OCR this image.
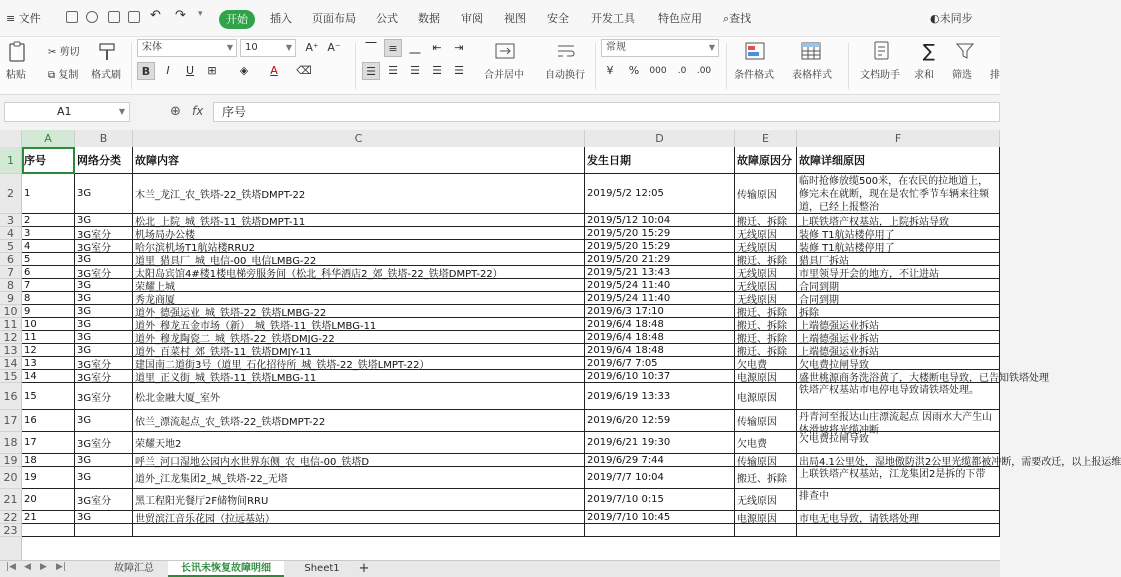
≡ 文件	↶ ↷ ▾	开始	插入 页面布局 公式 数据 审阅 视图 安全 开发工具 特色应用 ⌕查找	◐未同步
粘贴
✂ 剪切
⧉ 复制 格式刷
宋体	▼	10	▼ A⁺ A⁻
B	I	U	⊞	◈	A	⌫
⎺	≡	⎽	⇤	⇥
☰	☰	☰	☰	☰	合并居中 自动换行
常规	▼
¥	%	000	.0	.00 条件格式 表格样式	文档助手
∑
求和 筛选 排
A1	▼	⊕ fx	序号
A	B	C	D	E	F
1
2
3
4
5
6
7
8
9
10
11
12
13
14
15
16
17
18
19
20
21
22
23
序号	网络分类	故障内容	发生日期	故障原因分 故障详细原因
1	3G	木兰_龙江_农_铁塔-22_铁塔DMPT-22	2019/5/2 12:05	传输原因
临时抢修放缆500米，在农民的拉地道上，修完未在就断，现在是农忙季节车辆来往频道，已经上报整治
2	3G	松北_上院_城_铁塔-11_铁塔DMPT-11	2019/5/12 10:04	搬迁、拆除	上联铁塔产权基站，上院拆站导致
3	3G室分	机场局办公楼	2019/5/20 15:29	无线原因	装修 T1航站楼停用了
4	3G室分	哈尔滨机场T1航站楼RRU2	2019/5/20 15:29	无线原因	装修 T1航站楼停用了
5	3G	道里_猎具厂_城_电信-00_电信LMBG-22	2019/5/20 21:29	搬迁、拆除	猎具厂拆站
6	3G室分	太阳岛宾馆4#楼1楼电梯旁服务间（松北_科华酒店2_郊_铁塔-22_铁塔DMPT-22）	2019/5/21 13:43	无线原因	市里领导开会的地方，不让进站
7	3G	荣耀上城	2019/5/24 11:40	无线原因	合同到期
8	3G	秀龙商厦	2019/5/24 11:40	无线原因	合同到期
9	3G	道外_德强运业_城_铁塔-22_铁塔LMBG-22	2019/6/3 17:10	搬迁、拆除	拆除
10	3G	道外_穆龙五金市场（新）_城_铁塔-11_铁塔LMBG-11	2019/6/4 18:48	搬迁、拆除	上端德强运业拆站
11	3G	道外_穆龙陶瓷二_城_铁塔-22_铁塔DMJG-22	2019/6/4 18:48	搬迁、拆除	上端德强运业拆站
12	3G	道外_百菜村_郊_铁塔-11_铁塔DMJY-11	2019/6/4 18:48	搬迁、拆除	上端德强运业拆站
13	3G室分	建国南二道街3号（道里_石化招待所_城_铁塔-22_铁塔LMPT-22）	2019/6/7 7:05	欠电费	欠电费拉闸导致
14	3G室分	道里_正义街_城_铁塔-11_铁塔LMBG-11	2019/6/10 10:37	电源原因	盛世桃源商务洗浴黄了，大楼断电导致，已告知铁塔处理
15	3G室分	松北金融大厦_室外	2019/6/19 13:33	电源原因
铁塔产权基站市电停电导致请铁塔处理。
16	3G	依兰_漂流起点_农_铁塔-22_铁塔DMPT-22	2019/6/20 12:59	传输原因	丹青河至报达山庄漂流起点 因雨水大产生山体滑坡将光缆冲断
17	3G室分	荣耀天地2	2019/6/21 19:30	欠电费	欠电费拉闸导致
18	3G	呼兰_河口湿地公园内水世界东侧_农_电信-00_铁塔D	2019/6/29 7:44	传输原因	出局4.1公里处，湿地傲防洪2公里光缆都被冲断，需要改迁，以上报运维
19	3G	道外_江龙集团2_城_铁塔-22_无塔	2019/7/7 10:04	搬迁、拆除	上联铁塔产权基站，江龙集团2是拆的下带
20	3G室分	黑工程阳光餐厅2F储物间RRU	2019/7/10 0:15	无线原因	排查中
21	3G	世贸滨江音乐花园（拉远基站）	2019/7/10 10:45	电源原因	市电无电导致，请铁塔处理
|◀ ◀ ▶ ▶|	故障汇总	长讯未恢复故障明细	Sheet1	+
